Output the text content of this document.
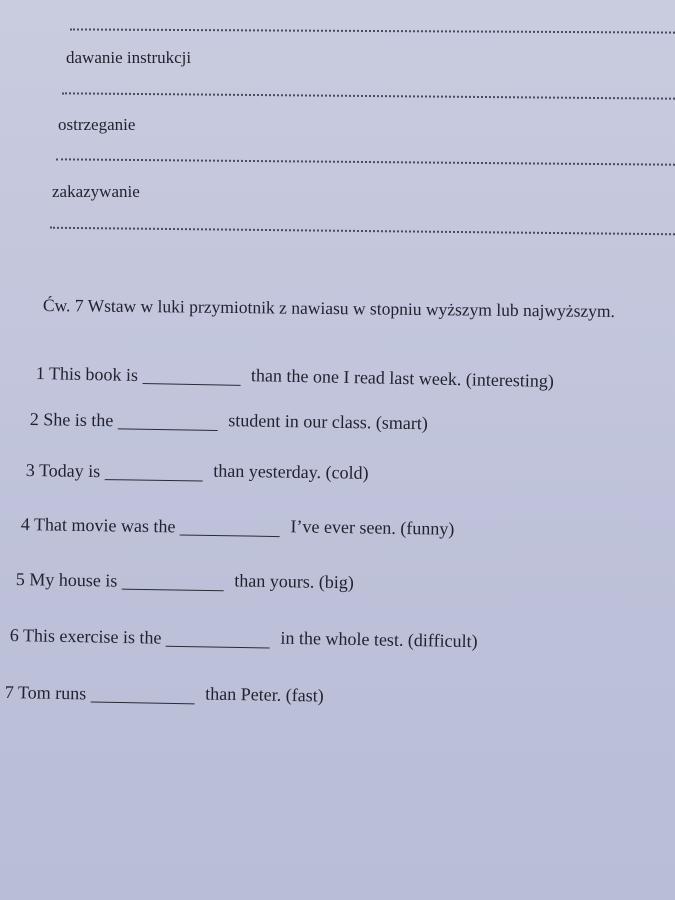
dawanie instrukcji
ostrzeganie
zakazywanie
Ćw. 7 Wstaw w luki przymiotnik z nawiasu w stopniu wyższym lub najwyższym.
1 This book is	than the one I read last week. (interesting)
2 She is the	student in our class. (smart)
3 Today is	than yesterday. (cold)
4 That movie was the	I’ve ever seen. (funny)
5 My house is	than yours. (big)
6 This exercise is the	in the whole test. (difficult)
7 Tom runs	than Peter. (fast)
